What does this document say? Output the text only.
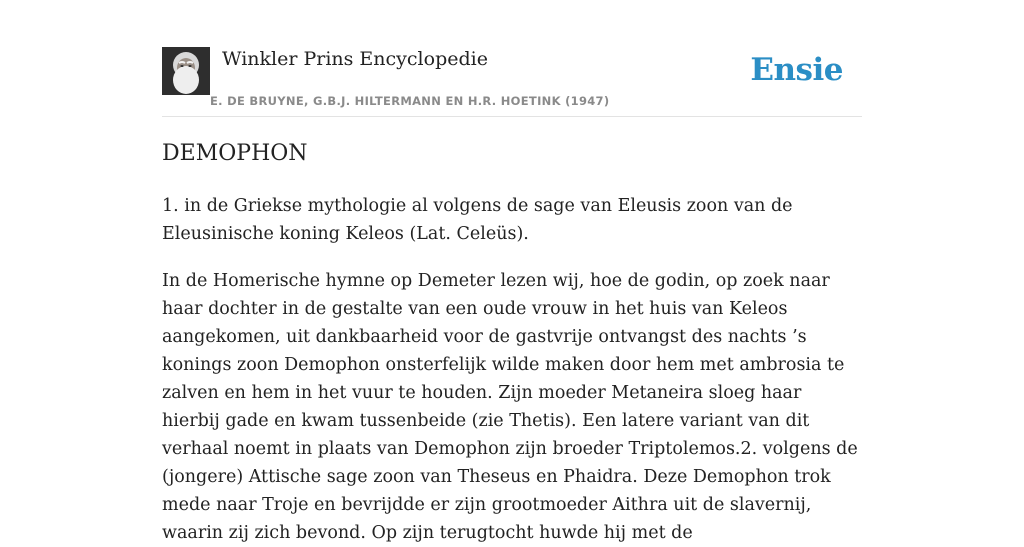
Winkler Prins Encyclopedie
E. DE BRUYNE, G.B.J. HILTERMANN EN H.R. HOETINK (1947)
Ensie
DEMOPHON

1. in de Griekse mythologie al volgens de sage van Eleusis zoon van de Eleusinische koning Keleos (Lat. Celeüs).

In de Homerische hymne op Demeter lezen wij, hoe de godin, op zoek naar haar dochter in de gestalte van een oude vrouw in het huis van Keleos aangekomen, uit dankbaarheid voor de gastvrije ontvangst des nachts ’s konings zoon Demophon onsterfelijk wilde maken door hem met ambrosia te zalven en hem in het vuur te houden. Zijn moeder Metaneira sloeg haar hierbij gade en kwam tussenbeide (zie Thetis). Een latere variant van dit verhaal noemt in plaats van Demophon zijn broeder Triptolemos.2. volgens de (jongere) Attische sage zoon van Theseus en Phaidra. Deze Demophon trok mede naar Troje en bevrijdde er zijn grootmoeder Aithra uit de slavernij, waarin zij zich bevond. Op zijn terugtocht huwde hij met de
